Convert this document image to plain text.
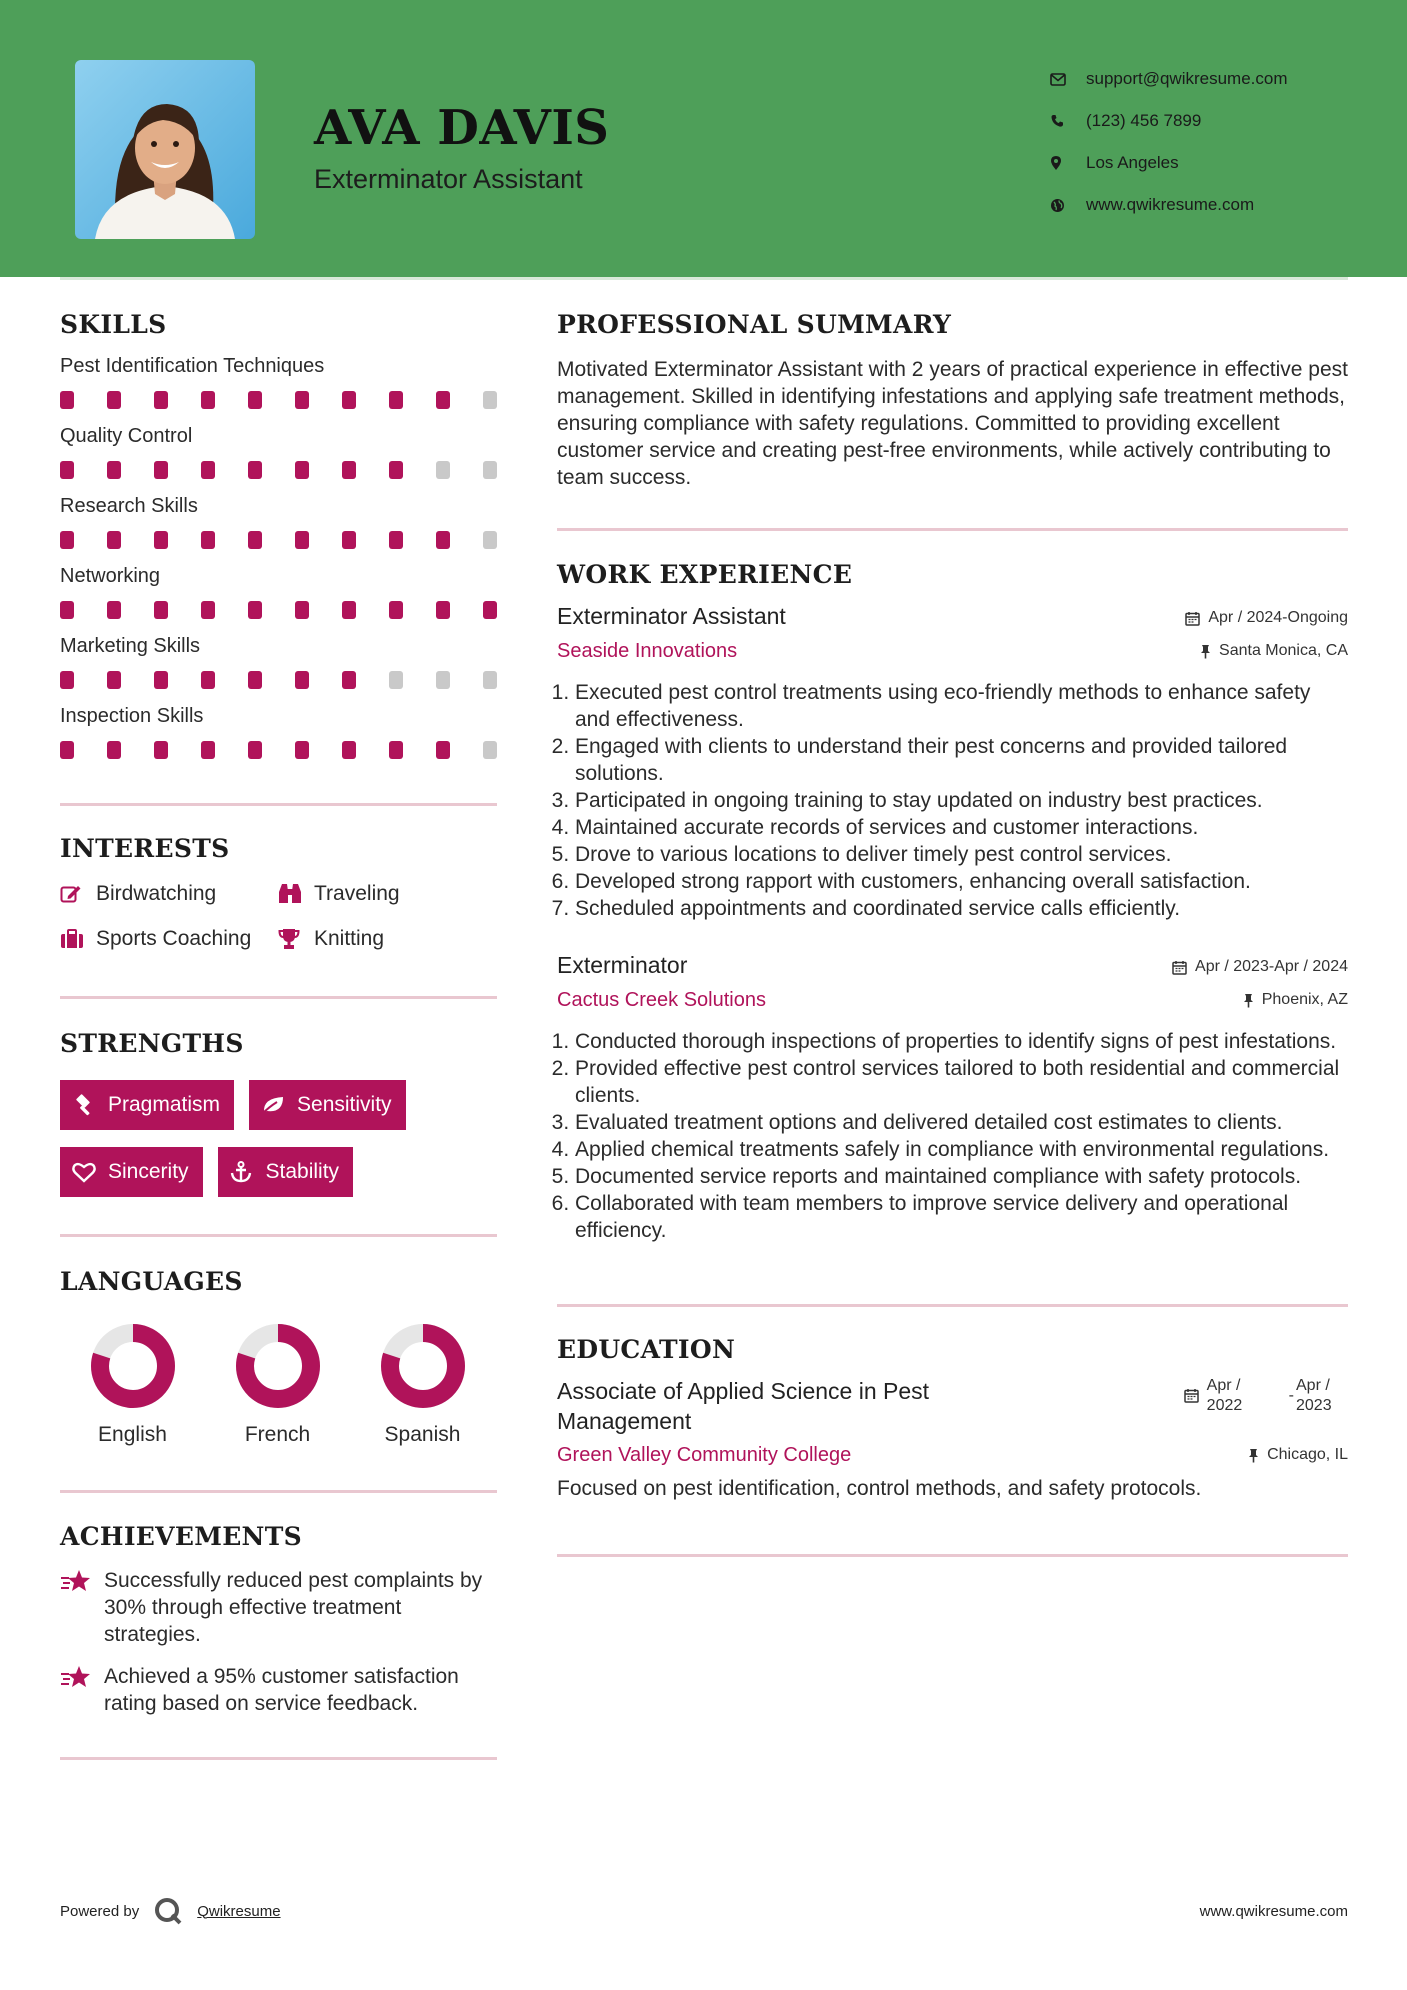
AVA DAVIS
Exterminator Assistant
support@qwikresume.com
(123) 456 7899
Los Angeles
www.qwikresume.com
SKILLS
Pest Identification Techniques
Quality Control
Research Skills
Networking
Marketing Skills
Inspection Skills
INTERESTS
Birdwatching	Traveling
Sports Coaching	Knitting
STRENGTHS
Pragmatism	Sensitivity
Sincerity	Stability
LANGUAGES
English	French	Spanish
ACHIEVEMENTS
Successfully reduced pest complaints by 30% through effective treatment strategies.
Achieved a 95% customer satisfaction rating based on service feedback.
PROFESSIONAL SUMMARY

Motivated Exterminator Assistant with 2 years of practical experience in effective pest management. Skilled in identifying infestations and applying safe treatment methods, ensuring compliance with safety regulations. Committed to providing excellent customer service and creating pest-free environments, while actively contributing to team success.

WORK EXPERIENCE
Exterminator Assistant	Apr / 2024-Ongoing
Seaside Innovations	Santa Monica, CA
1. Executed pest control treatments using eco-friendly methods to enhance safety and effectiveness.
2. Engaged with clients to understand their pest concerns and provided tailored solutions.
3. Participated in ongoing training to stay updated on industry best practices.
4. Maintained accurate records of services and customer interactions.
5. Drove to various locations to deliver timely pest control services.
6. Developed strong rapport with customers, enhancing overall satisfaction.
7. Scheduled appointments and coordinated service calls efficiently.
Exterminator	Apr / 2023-Apr / 2024
Cactus Creek Solutions	Phoenix, AZ
1. Conducted thorough inspections of properties to identify signs of pest infestations.
2. Provided effective pest control services tailored to both residential and commercial clients.
3. Evaluated treatment options and delivered detailed cost estimates to clients.
4. Applied chemical treatments safely in compliance with environmental regulations.
5. Documented service reports and maintained compliance with safety protocols.
6. Collaborated with team members to improve service delivery and operational efficiency.
EDUCATION
Associate of Applied Science in Pest Management
Apr / 2022
-
Apr / 2023
Green Valley Community College	Chicago, IL

Focused on pest identification, control methods, and safety protocols.

Powered by	Qwikresume	www.qwikresume.com
